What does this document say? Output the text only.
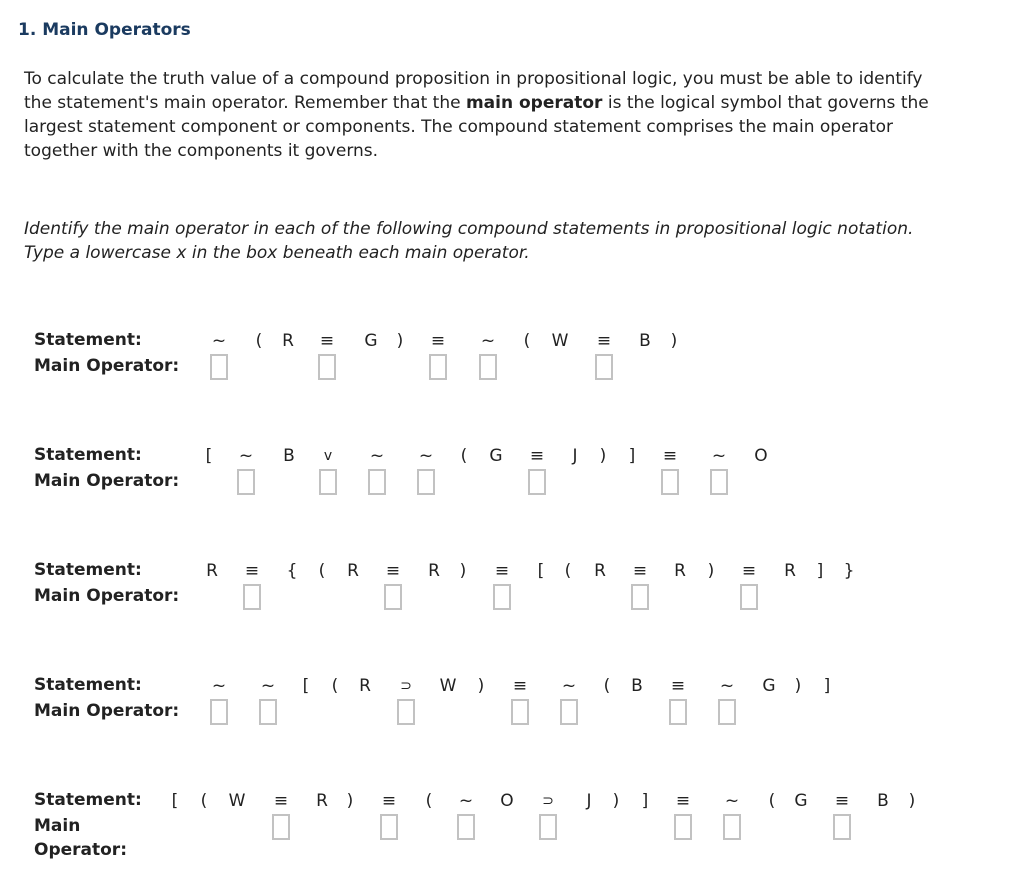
1. Main Operators

To calculate the truth value of a compound proposition in propositional logic, you must be able to identify the statement's main operator. Remember that the main operator is the logical symbol that governs the largest statement component or components. The compound statement comprises the main operator together with the components it governs.

Identify the main operator in each of the following compound statements in propositional logic notation. Type a lowercase x in the box beneath each main operator.

Statement:
Main Operator:
~	(	R	≡	G	)	≡ ~	(	W ≡	B	)
Statement:
Main Operator:
[	~	B	v	~ ~	(	G	≡	J	)	]	≡ ~	O
Statement:
Main Operator:
R	≡	{	(	R	≡	R	)	≡	[	(	R	≡	R	)	≡	R	]	}
Statement:
Main Operator:
~ ~	[	(	R	⊃	W	)	≡ ~	(	B	≡ ~	G	)	]
Statement:
Main
Operator:
[	(	W ≡	R	)	≡	(	~	O	⊃	J	)	]	≡ ~	(	G	≡	B	)
